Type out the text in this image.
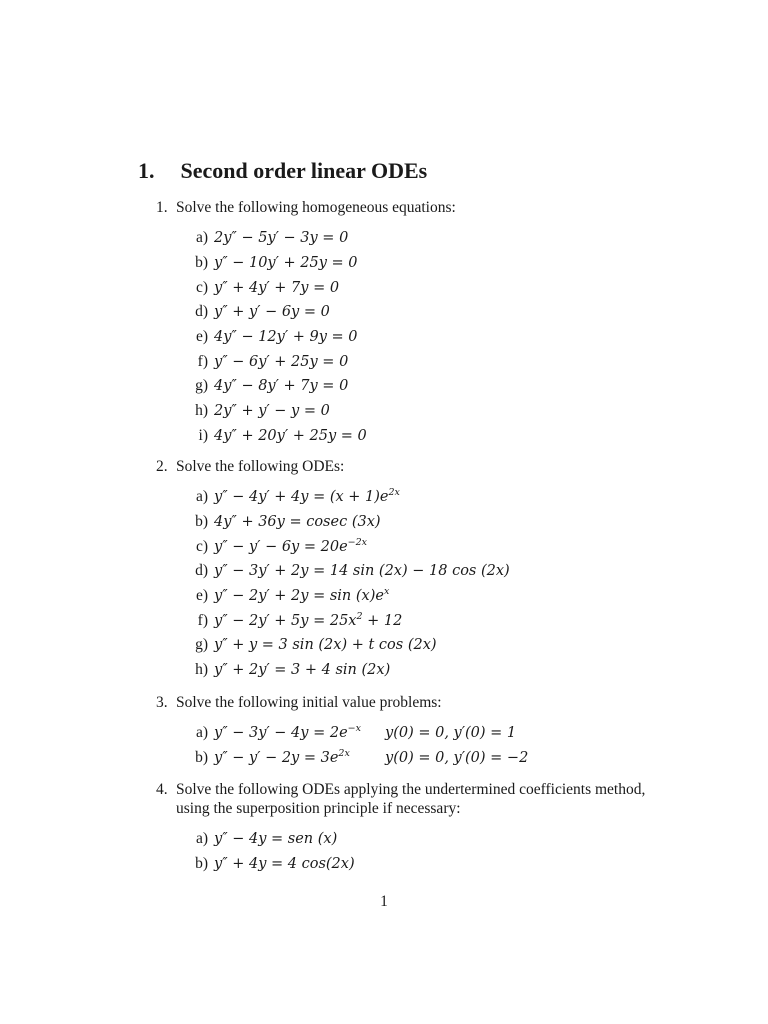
1. Second order linear ODEs
1. Solve the following homogeneous equations:
a) 2y″ − 5y′ − 3y = 0
b) y″ − 10y′ + 25y = 0
c) y″ + 4y′ + 7y = 0
d) y″ + y′ − 6y = 0
e) 4y″ − 12y′ + 9y = 0
f) y″ − 6y′ + 25y = 0
g) 4y″ − 8y′ + 7y = 0
h) 2y″ + y′ − y = 0
i) 4y″ + 20y′ + 25y = 0
2. Solve the following ODEs:
a) $y'' - 4y' + 4y = (x + 1)e^{2x}$
b) 4y″ + 36y = cosec (3x)
c) $y'' - y' - 6y = 20e^{-2x}$
d) y″ − 3y′ + 2y = 14 sin (2x) − 18 cos (2x)
e) $y'' - 2y' + 2y = \sin (x)e^x$
f) $y'' - 2y' + 5y = 25x^2 + 12$
g) y″ + y = 3 sin (2x) + t cos (2x)
h) y″ + 2y′ = 3 + 4 sin (2x)
3. Solve the following initial value problems:
a) $y'' - 3y' - 4y = 2e^{-x}$ y(0) = 0, y′(0) = 1
b) $y'' - y' - 2y = 3e^{2x}$ y(0) = 0, y′(0) = −2
4. Solve the following ODEs applying the undertermined coefficients method, using the superposition principle if necessary:
a) y″ − 4y = sen (x)
b) y″ + 4y = 4 cos(2x)
1
